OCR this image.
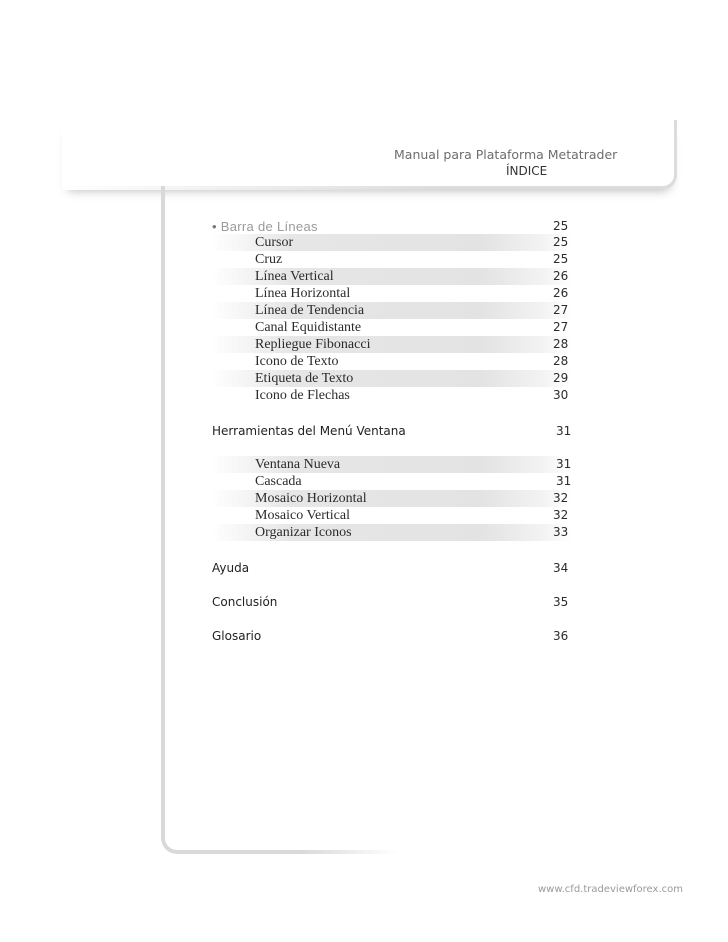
Manual para Plataforma Metatrader
ÍNDICE
• Barra de Líneas	25
Cursor	25
Cruz	25
Línea Vertical	26
Línea Horizontal	26
Línea de Tendencia	27
Canal Equidistante	27
Repliegue Fibonacci	28
Icono de Texto	28
Etiqueta de Texto	29
Icono de Flechas	30
Herramientas del Menú Ventana	31
Ventana Nueva	31
Cascada	31
Mosaico Horizontal	32
Mosaico Vertical	32
Organizar Iconos	33
Ayuda	34
Conclusión	35
Glosario	36
www.cfd.tradeviewforex.com
